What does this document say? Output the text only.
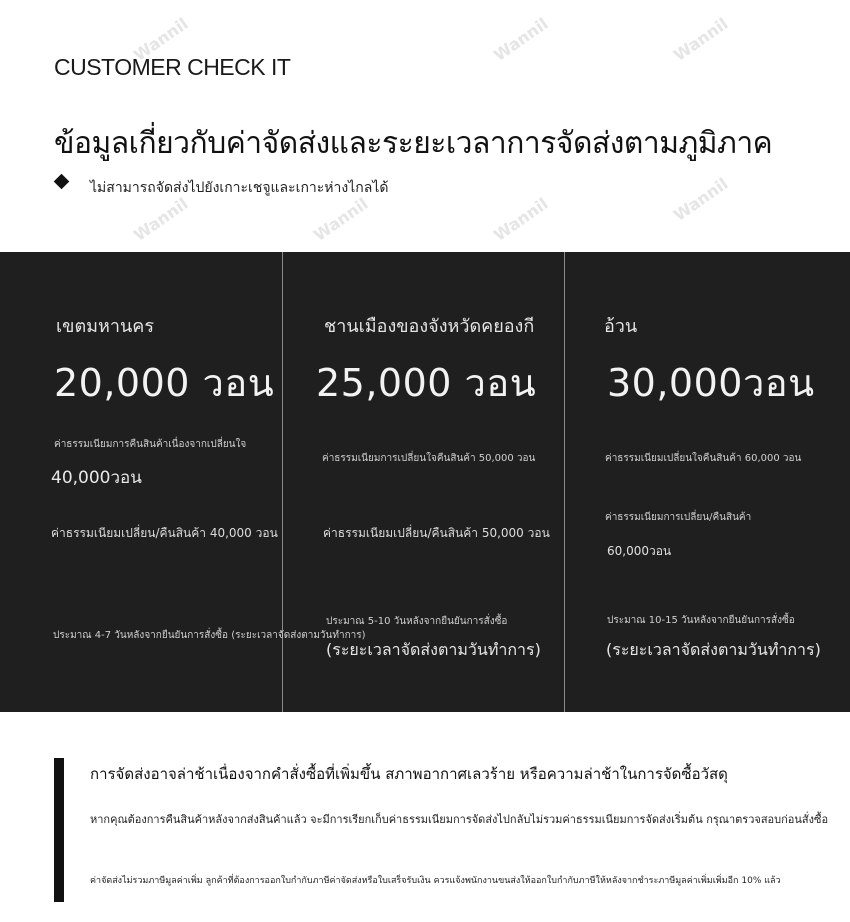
Wannil	Wannil	Wannil
Wannil	Wannil	Wannil	Wannil
CUSTOMER CHECK IT
ข้อมูลเกี่ยวกับค่าจัดส่งและระยะเวลาการจัดส่งตามภูมิภาค
ไม่สามารถจัดส่งไปยังเกาะเชจูและเกาะห่างไกลได้
เขตมหานคร
20,000 วอน
ค่าธรรมเนียมการคืนสินค้าเนื่องจากเปลี่ยนใจ
40,000วอน
ค่าธรรมเนียมเปลี่ยน/คืนสินค้า 40,000 วอน
ประมาณ 4-7 วันหลังจากยืนยันการสั่งซื้อ (ระยะเวลาจัดส่งตามวันทำการ)
ชานเมืองของจังหวัดคยองกี
25,000 วอน
ค่าธรรมเนียมการเปลี่ยนใจคืนสินค้า 50,000 วอน
ค่าธรรมเนียมเปลี่ยน/คืนสินค้า 50,000 วอน
ประมาณ 5-10 วันหลังจากยืนยันการสั่งซื้อ
(ระยะเวลาจัดส่งตามวันทำการ)
อ้วน
30,000วอน
ค่าธรรมเนียมเปลี่ยนใจคืนสินค้า 60,000 วอน
ค่าธรรมเนียมการเปลี่ยน/คืนสินค้า
60,000วอน
ประมาณ 10-15 วันหลังจากยืนยันการสั่งซื้อ
(ระยะเวลาจัดส่งตามวันทำการ)
การจัดส่งอาจล่าช้าเนื่องจากคำสั่งซื้อที่เพิ่มขึ้น สภาพอากาศเลวร้าย หรือความล่าช้าในการจัดซื้อวัสดุ
หากคุณต้องการคืนสินค้าหลังจากส่งสินค้าแล้ว จะมีการเรียกเก็บค่าธรรมเนียมการจัดส่งไปกลับไม่รวมค่าธรรมเนียมการจัดส่งเริ่มต้น กรุณาตรวจสอบก่อนสั่งซื้อ
ค่าจัดส่งไม่รวมภาษีมูลค่าเพิ่ม ลูกค้าที่ต้องการออกใบกำกับภาษีค่าจัดส่งหรือใบเสร็จรับเงิน ควรแจ้งพนักงานขนส่งให้ออกใบกำกับภาษีให้หลังจากชำระภาษีมูลค่าเพิ่มเพิ่มอีก 10% แล้ว
